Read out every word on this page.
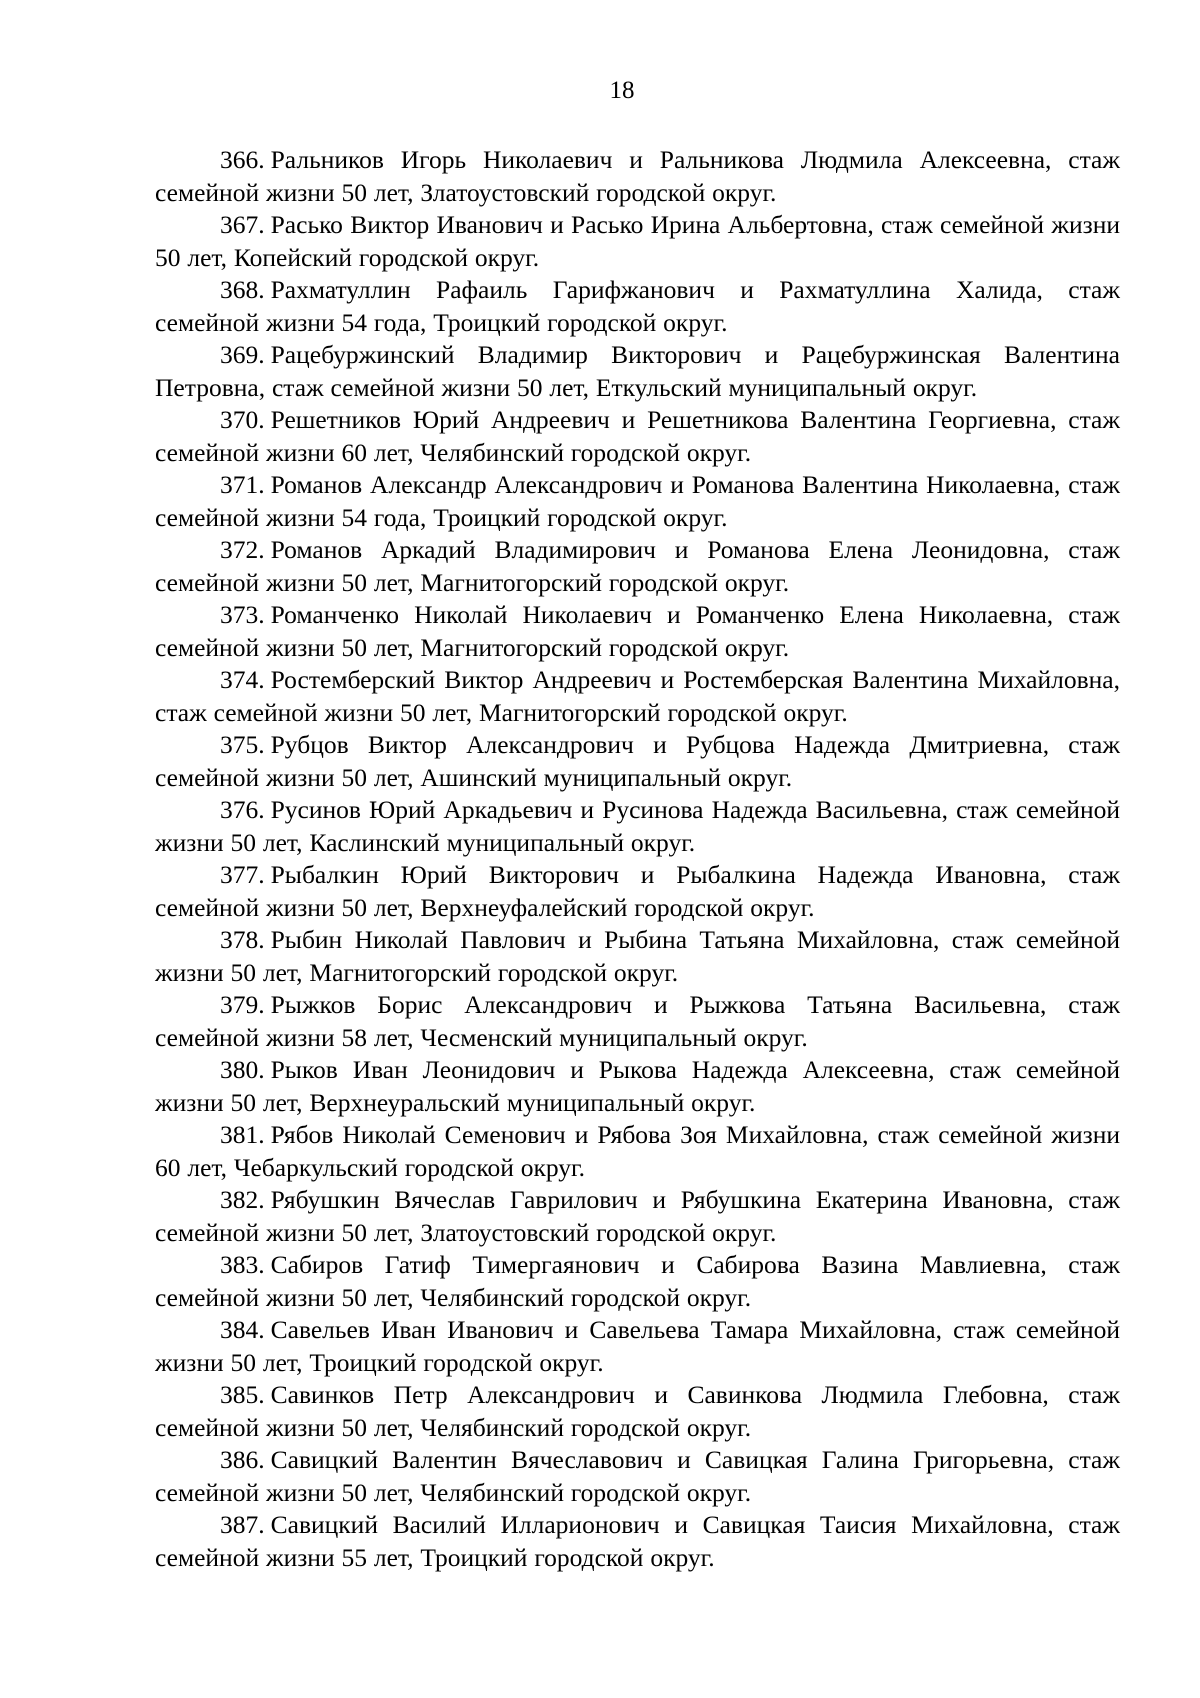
18
366. Ральников Игорь Николаевич и Ральникова Людмила Алексеевна, стаж семейной жизни 50 лет, Златоустовский городской округ.
367. Расько Виктор Иванович и Расько Ирина Альбертовна, стаж семейной жизни 50 лет, Копейский городской округ.
368. Рахматуллин Рафаиль Гарифжанович и Рахматуллина Халида, стаж семейной жизни 54 года, Троицкий городской округ.
369. Рацебуржинский Владимир Викторович и Рацебуржинская Валентина Петровна, стаж семейной жизни 50 лет, Еткульский муниципальный округ.
370. Решетников Юрий Андреевич и Решетникова Валентина Георгиевна, стаж семейной жизни 60 лет, Челябинский городской округ.
371. Романов Александр Александрович и Романова Валентина Николаевна, стаж семейной жизни 54 года, Троицкий городской округ.
372. Романов Аркадий Владимирович и Романова Елена Леонидовна, стаж семейной жизни 50 лет, Магнитогорский городской округ.
373. Романченко Николай Николаевич и Романченко Елена Николаевна, стаж семейной жизни 50 лет, Магнитогорский городской округ.
374. Ростемберский Виктор Андреевич и Ростемберская Валентина Михайловна, стаж семейной жизни 50 лет, Магнитогорский городской округ.
375. Рубцов Виктор Александрович и Рубцова Надежда Дмитриевна, стаж семейной жизни 50 лет, Ашинский муниципальный округ.
376. Русинов Юрий Аркадьевич и Русинова Надежда Васильевна, стаж семейной жизни 50 лет, Каслинский муниципальный округ.
377. Рыбалкин Юрий Викторович и Рыбалкина Надежда Ивановна, стаж семейной жизни 50 лет, Верхнеуфалейский городской округ.
378. Рыбин Николай Павлович и Рыбина Татьяна Михайловна, стаж семейной жизни 50 лет, Магнитогорский городской округ.
379. Рыжков Борис Александрович и Рыжкова Татьяна Васильевна, стаж семейной жизни 58 лет, Чесменский муниципальный округ.
380. Рыков Иван Леонидович и Рыкова Надежда Алексеевна, стаж семейной жизни 50 лет, Верхнеуральский муниципальный округ.
381. Рябов Николай Семенович и Рябова Зоя Михайловна, стаж семейной жизни 60 лет, Чебаркульский городской округ.
382. Рябушкин Вячеслав Гаврилович и Рябушкина Екатерина Ивановна, стаж семейной жизни 50 лет, Златоустовский городской округ.
383. Сабиров Гатиф Тимергаянович и Сабирова Вазина Мавлиевна, стаж семейной жизни 50 лет, Челябинский городской округ.
384. Савельев Иван Иванович и Савельева Тамара Михайловна, стаж семейной жизни 50 лет, Троицкий городской округ.
385. Савинков Петр Александрович и Савинкова Людмила Глебовна, стаж семейной жизни 50 лет, Челябинский городской округ.
386. Савицкий Валентин Вячеславович и Савицкая Галина Григорьевна, стаж семейной жизни 50 лет, Челябинский городской округ.
387. Савицкий Василий Илларионович и Савицкая Таисия Михайловна, стаж семейной жизни 55 лет, Троицкий городской округ.
